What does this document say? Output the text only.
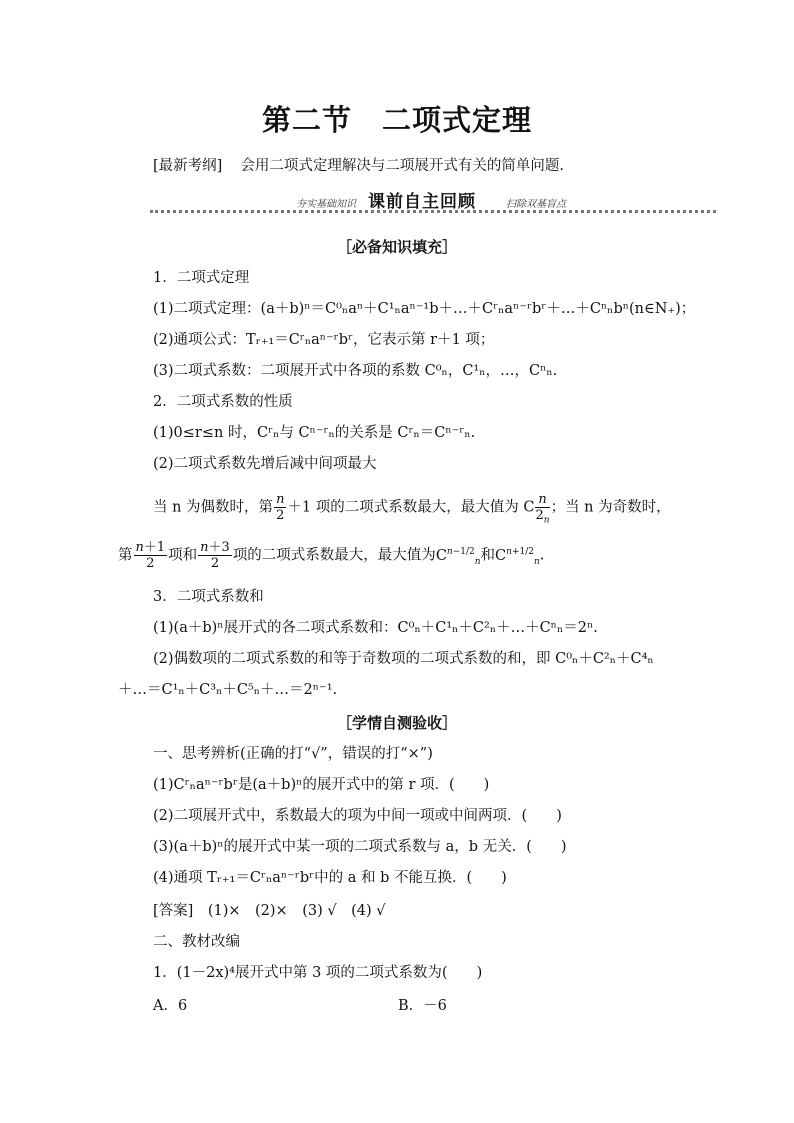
第二节 二项式定理
[最新考纲] 会用二项式定理解决与二项展开式有关的简单问题.
夯实基础知识 课前自主回顾	扫除双基盲点
［必备知识填充］
1．二项式定理
(1)二项式定理：(a＋b)ⁿ＝C⁰ₙaⁿ＋C¹ₙaⁿ⁻¹b＋…＋Cʳₙaⁿ⁻ʳbʳ＋…＋Cⁿₙbⁿ(n∈N₊)；
(2)通项公式：Tᵣ₊₁＝Cʳₙaⁿ⁻ʳbʳ，它表示第 r＋1 项；
(3)二项式系数：二项展开式中各项的系数 C⁰ₙ，C¹ₙ，…，Cⁿₙ.
2．二项式系数的性质
(1)0≤r≤n 时，Cʳₙ与 Cⁿ⁻ʳₙ的关系是 Cʳₙ＝Cⁿ⁻ʳₙ.
(2)二项式系数先增后减中间项最大
当 n 为偶数时，第 $\frac{n}{2} +1$ 项的二项式系数最大，最大值为 C $\frac{n}{2_n}$ ；当 n 为奇数时，
第 $\frac{n+1}{2}$ 项和 $\frac{n+3}{2}$ 项的二项式系数最大，最大值为$C^{n-1/2}_n$和$C^{n+1/2}_n$.
3．二项式系数和
(1)(a＋b)ⁿ展开式的各二项式系数和：C⁰ₙ＋C¹ₙ＋C²ₙ＋…＋Cⁿₙ＝2ⁿ.
(2)偶数项的二项式系数的和等于奇数项的二项式系数的和，即 C⁰ₙ＋C²ₙ＋C⁴ₙ
＋…＝C¹ₙ＋C³ₙ＋C⁵ₙ＋…＝2ⁿ⁻¹.
［学情自测验收］
一、思考辨析(正确的打“√”，错误的打“×”)
(1)Cʳₙaⁿ⁻ʳbʳ是(a＋b)ⁿ的展开式中的第 r 项．(　　)
(2)二项展开式中，系数最大的项为中间一项或中间两项．(　　)
(3)(a＋b)ⁿ的展开式中某一项的二项式系数与 a，b 无关．(　　)
(4)通项 Tᵣ₊₁＝Cʳₙaⁿ⁻ʳbʳ中的 a 和 b 不能互换．(　　)
[答案]　(1)×　(2)×　(3) √　(4) √
二、教材改编
1．(1－2x)⁴展开式中第 3 项的二项式系数为(　　)
A．6	B．－6
